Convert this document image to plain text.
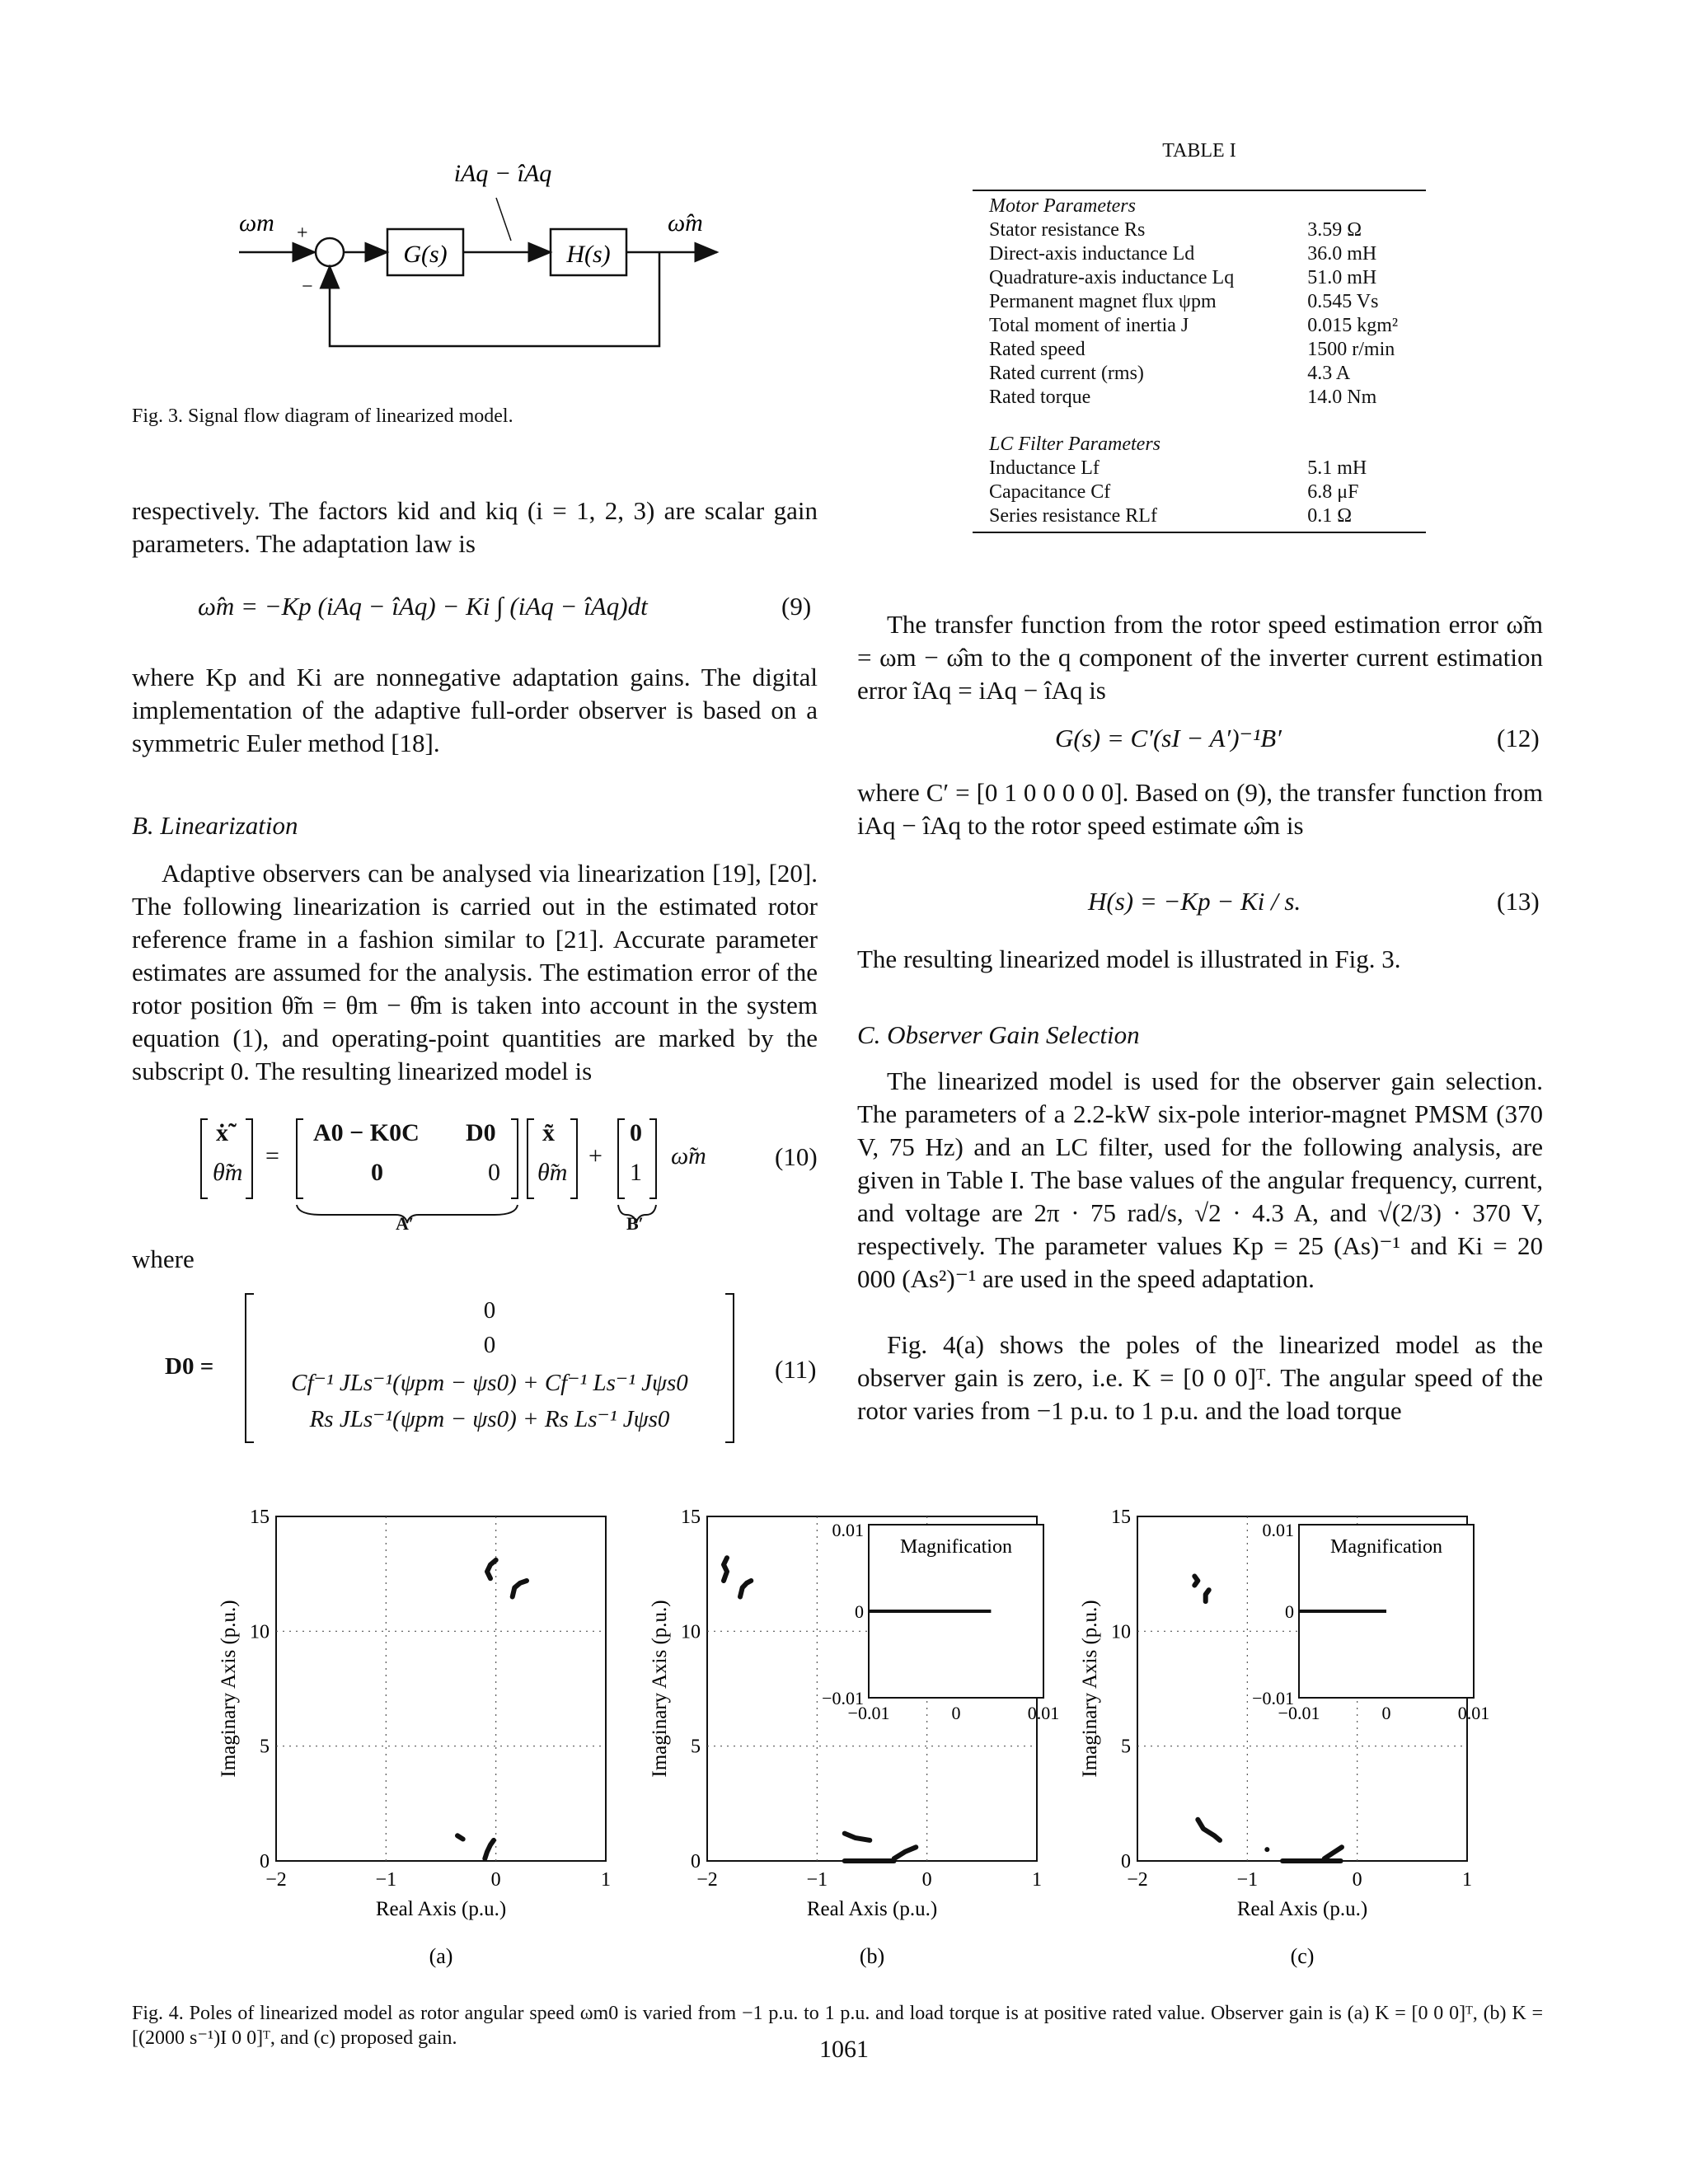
ωm +
−
G(s)	H(s)
iAq − îAq
ω̂m
Fig. 3. Signal flow diagram of linearized model.
TABLE I
Motor Parameters	
Stator resistance Rs	3.59 Ω
Direct-axis inductance Ld	36.0 mH
Quadrature-axis inductance Lq	51.0 mH
Permanent magnet flux ψpm	0.545 Vs
Total moment of inertia J	0.015 kgm²
Rated speed	1500 r/min
Rated current (rms)	4.3 A
Rated torque	14.0 Nm
LC Filter Parameters	
Inductance Lf	5.1 mH
Capacitance Cf	6.8 μF
Series resistance RLf	0.1 Ω

respectively. The factors kid and kiq (i = 1, 2, 3) are scalar gain parameters. The adaptation law is

ω̂m = −Kp (iAq − îAq) − Ki ∫ (iAq − îAq)dt	(9)

where Kp and Ki are nonnegative adaptation gains. The digital implementation of the adaptive full-order observer is based on a symmetric Euler method [18].

B. Linearization

Adaptive observers can be analysed via linearization [19], [20]. The following linearization is carried out in the estimated rotor reference frame in a fashion similar to [21]. Accurate parameter estimates are assumed for the analysis. The estimation error of the rotor position θ̃m = θm − θ̂m is taken into account in the system equation (1), and operating-point quantities are marked by the subscript 0. The resulting linearized model is

ẋ̃
θ̃̇m
=
A0 − K0C D0
0	0
x̃
θ̃m
+
0
1
ω̃m
A′	B′
(10)
where
D0 =
0
0
Cf⁻¹ JLs⁻¹(ψpm − ψs0) + Cf⁻¹ Ls⁻¹ Jψs0
Rs JLs⁻¹(ψpm − ψs0) + Rs Ls⁻¹ Jψs0
(11)

The transfer function from the rotor speed estimation error ω̃m = ωm − ω̂m to the q component of the inverter current estimation error ĩAq = iAq − îAq is

G(s) = C′(sI − A′)⁻¹B′	(12)

where C′ = [0 1 0 0 0 0 0]. Based on (9), the transfer function from iAq − îAq to the rotor speed estimate ω̂m is

H(s) = −Kp − Ki / s.	(13)

The resulting linearized model is illustrated in Fig. 3.

C. Observer Gain Selection

The linearized model is used for the observer gain selection. The parameters of a 2.2-kW six-pole interior-magnet PMSM (370 V, 75 Hz) and an LC filter, used for the following analysis, are given in Table I. The base values of the angular frequency, current, and voltage are 2π · 75 rad/s, √2 · 4.3 A, and √(2/3) · 370 V, respectively. The parameter values Kp = 25 (As)⁻¹ and Ki = 20 000 (As²)⁻¹ are used in the speed adaptation.

Fig. 4(a) shows the poles of the linearized model as the observer gain is zero, i.e. K = [0 0 0]ᵀ. The angular speed of the rotor varies from −1 p.u. to 1 p.u. and the load torque

−2	−1	0	1
0
5
10
15
Real Axis (p.u.)
Imaginary Axis (p.u.)
(a)
−2	−1	0	1
0
5
10
15
Real Axis (p.u.)
Imaginary Axis (p.u.)
Magnification
−0.01
0
0.01
−0.01	0	0.01
(b)
−2	−1	0	1
0
5
10
15
Real Axis (p.u.)
Imaginary Axis (p.u.)
Magnification
−0.01
0
0.01
−0.01	0	0.01
(c)
Fig. 4. Poles of linearized model as rotor angular speed ωm0 is varied from −1 p.u. to 1 p.u. and load torque is at positive rated value. Observer gain is (a) K = [0 0 0]ᵀ, (b) K = [(2000 s⁻¹)I 0 0]ᵀ, and (c) proposed gain.	1061
